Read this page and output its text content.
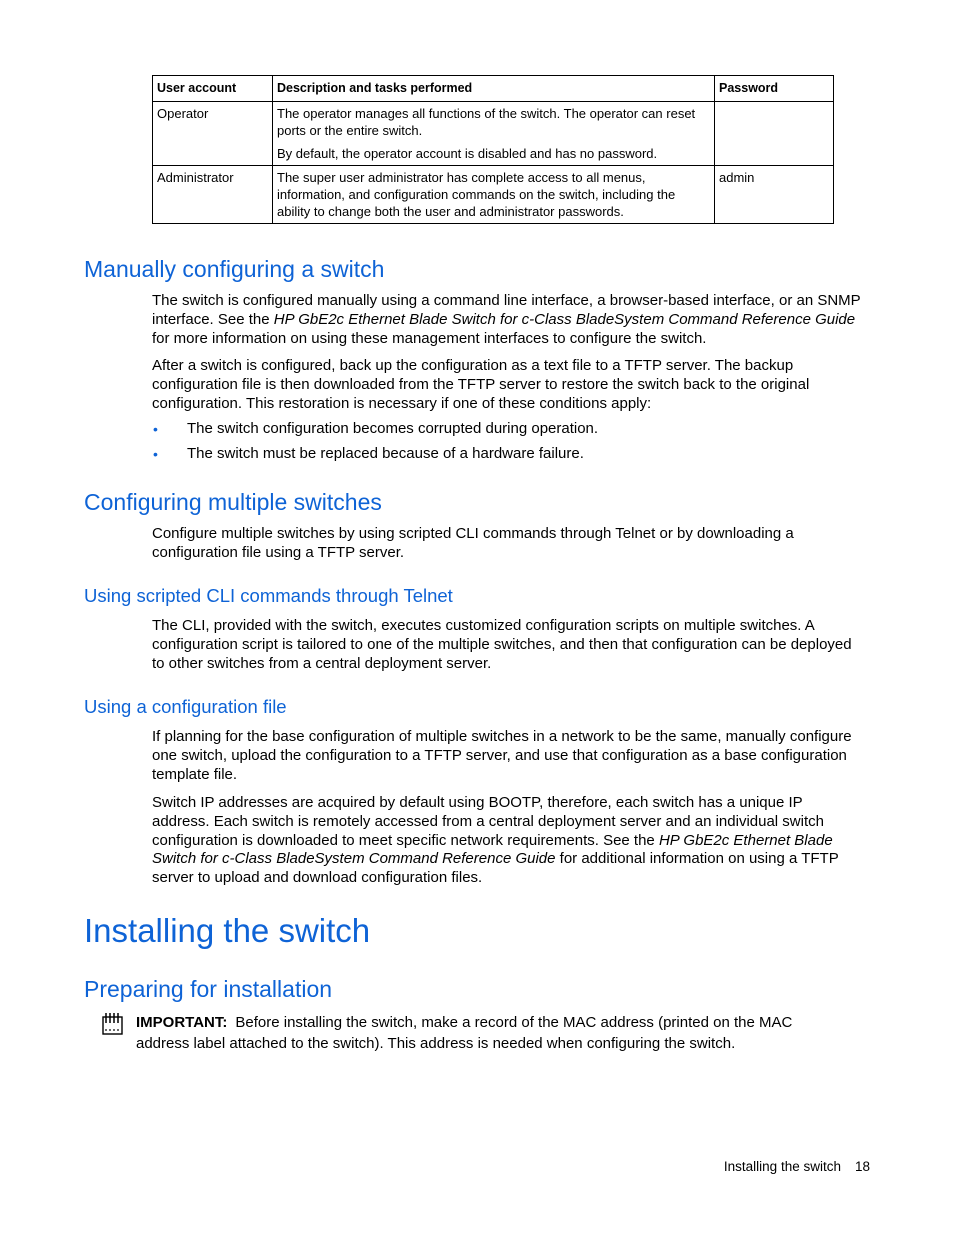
User account	Description and tasks performed	Password
Operator	The operator manages all functions of the switch. The operator can reset ports or the entire switch.

By default, the operator account is disabled and has no password.	

Administrator	The super user administrator has complete access to all menus, information, and configuration commands on the switch, including the ability to change both the user and administrator passwords.	admin
Manually configuring a switch

The switch is configured manually using a command line interface, a browser-based interface, or an SNMP interface. See the HP GbE2c Ethernet Blade Switch for c-Class BladeSystem Command Reference Guide for more information on using these management interfaces to configure the switch.

After a switch is configured, back up the configuration as a text file to a TFTP server. The backup configuration file is then downloaded from the TFTP server to restore the switch back to the original configuration. This restoration is necessary if one of these conditions apply:

• The switch configuration becomes corrupted during operation.
• The switch must be replaced because of a hardware failure.
Configuring multiple switches

Configure multiple switches by using scripted CLI commands through Telnet or by downloading a configuration file using a TFTP server.

Using scripted CLI commands through Telnet

The CLI, provided with the switch, executes customized configuration scripts on multiple switches. A configuration script is tailored to one of the multiple switches, and then that configuration can be deployed to other switches from a central deployment server.

Using a configuration file

If planning for the base configuration of multiple switches in a network to be the same, manually configure one switch, upload the configuration to a TFTP server, and use that configuration as a base configuration template file.

Switch IP addresses are acquired by default using BOOTP, therefore, each switch has a unique IP address. Each switch is remotely accessed from a central deployment server and an individual switch configuration is downloaded to meet specific network requirements. See the HP GbE2c Ethernet Blade Switch for c-Class BladeSystem Command Reference Guide for additional information on using a TFTP server to upload and download configuration files.

Installing the switch
Preparing for installation

IMPORTANT: Before installing the switch, make a record of the MAC address (printed on the MAC address label attached to the switch). This address is needed when configuring the switch.

Installing the switch 18
